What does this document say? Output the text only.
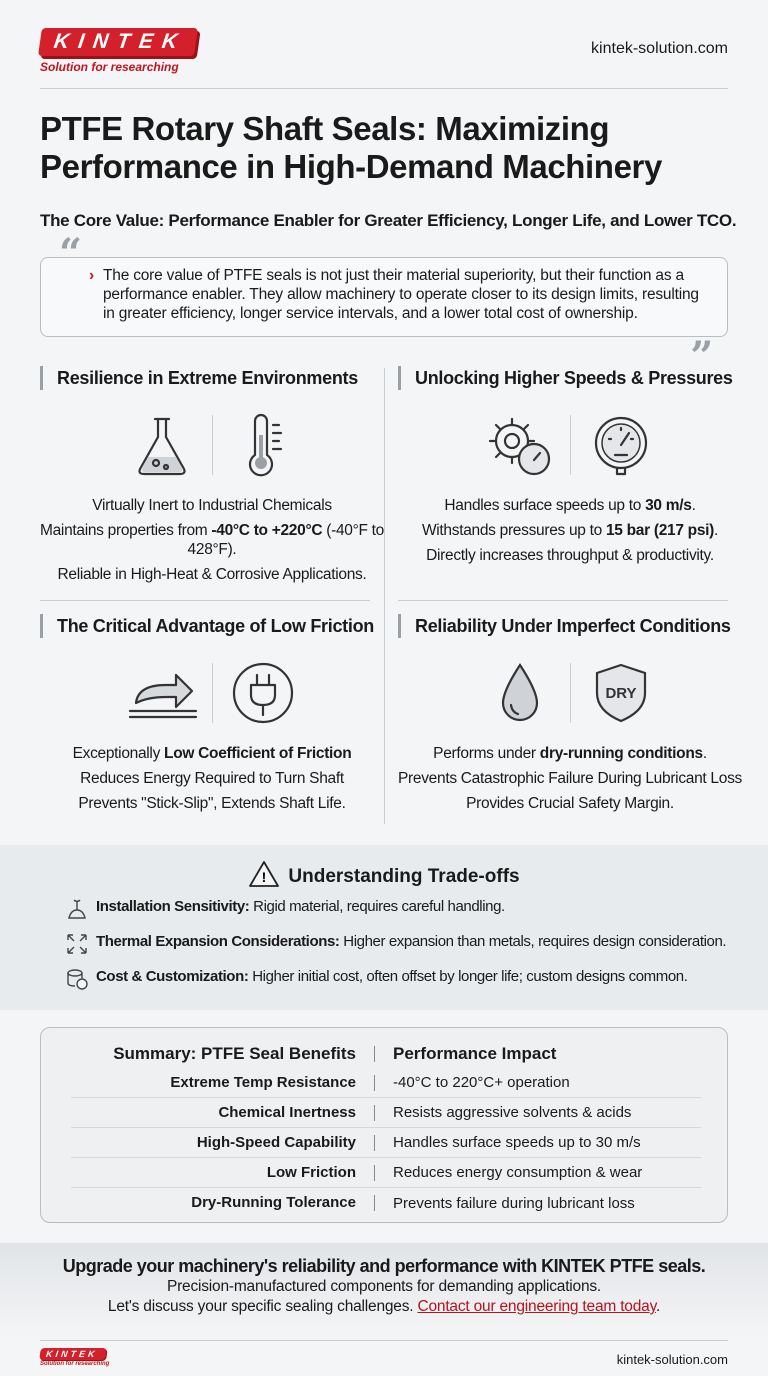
KINTEK
Solution for researching
kintek-solution.com
PTFE Rotary Shaft Seals: Maximizing Performance in High-Demand Machinery
The Core Value: Performance Enabler for Greater Efficiency, Longer Life, and Lower TCO.
“ › The core value of PTFE seals is not just their material superiority, but their function as a performance enabler. They allow machinery to operate closer to its design limits, resulting in greater efficiency, longer service intervals, and a lower total cost of ownership.
”
Resilience in Extreme Environments
Virtually Inert to Industrial Chemicals
Maintains properties from -40°C to +220°C (-40°F to 428°F).
Reliable in High-Heat & Corrosive Applications.
Unlocking Higher Speeds & Pressures
Handles surface speeds up to 30 m/s.
Withstands pressures up to 15 bar (217 psi).
Directly increases throughput & productivity.
The Critical Advantage of Low Friction
Exceptionally Low Coefficient of Friction
Reduces Energy Required to Turn Shaft
Prevents "Stick-Slip", Extends Shaft Life.
Reliability Under Imperfect Conditions
DRY
Performs under dry-running conditions.
Prevents Catastrophic Failure During Lubricant Loss
Provides Crucial Safety Margin.
! Understanding Trade-offs
Installation Sensitivity: Rigid material, requires careful handling.
Thermal Expansion Considerations: Higher expansion than metals, requires design consideration.
Cost & Customization: Higher initial cost, often offset by longer life; custom designs common.
Summary: PTFE Seal Benefits	Performance Impact
Extreme Temp Resistance	-40°C to 220°C+ operation
Chemical Inertness	Resists aggressive solvents & acids
High-Speed Capability	Handles surface speeds up to 30 m/s
Low Friction	Reduces energy consumption & wear
Dry-Running Tolerance	Prevents failure during lubricant loss
Upgrade your machinery's reliability and performance with KINTEK PTFE seals.
Precision-manufactured components for demanding applications.
Let's discuss your specific sealing challenges. Contact our engineering team today.
KINTEK
Solution for researching	kintek-solution.com
